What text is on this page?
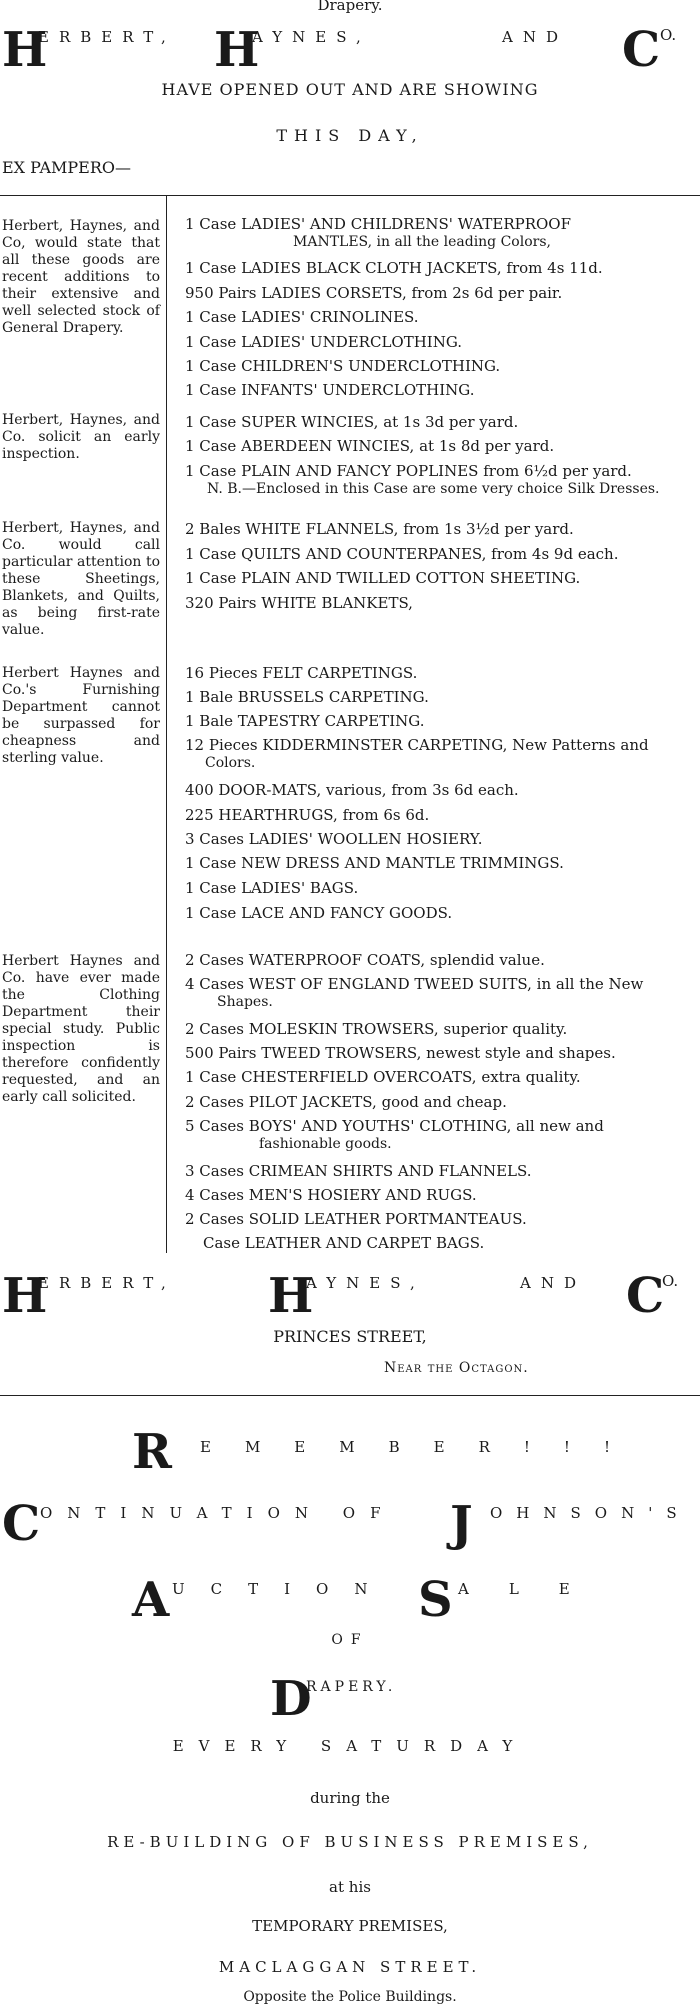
Drapery.
H
ERBERT, H
AYNES,	AND C O.
HAVE OPENED OUT AND ARE SHOWING
THIS DAY,
EX PAMPERO—
Herbert, Haynes, and Co, would state that all these goods are recent additions to their extensive and well selected stock of General Drapery.
1 Case LADIES' AND CHILDRENS' WATERPROOF
MANTLES, in all the leading Colors,
1 Case LADIES BLACK CLOTH JACKETS, from 4s 11d.
950 Pairs LADIES CORSETS, from 2s 6d per pair.
1 Case LADIES' CRINOLINES.
1 Case LADIES' UNDERCLOTHING.
1 Case CHILDREN'S UNDERCLOTHING.
1 Case INFANTS' UNDERCLOTHING.
Herbert, Haynes, and Co. solicit an early inspection.
1 Case SUPER WINCIES, at 1s 3d per yard.
1 Case ABERDEEN WINCIES, at 1s 8d per yard.
1 Case PLAIN AND FANCY POPLINES from 6½d per yard.
N. B.—Enclosed in this Case are some very choice Silk Dresses.
Herbert, Haynes, and Co. would call particular attention to these Sheetings, Blankets, and Quilts, as being first-rate value.
2 Bales WHITE FLANNELS, from 1s 3½d per yard.
1 Case QUILTS AND COUNTERPANES, from 4s 9d each.
1 Case PLAIN AND TWILLED COTTON SHEETING.
320 Pairs WHITE BLANKETS,
Herbert Haynes and Co.'s Furnishing Department cannot be surpassed for cheapness and sterling value.
16 Pieces FELT CARPETINGS.
1 Bale BRUSSELS CARPETING.
1 Bale TAPESTRY CARPETING.
12 Pieces KIDDERMINSTER CARPETING, New Patterns and
Colors.
400 DOOR-MATS, various, from 3s 6d each.
225 HEARTHRUGS, from 6s 6d.
3 Cases LADIES' WOOLLEN HOSIERY.
1 Case NEW DRESS AND MANTLE TRIMMINGS.
1 Case LADIES' BAGS.
1 Case LACE AND FANCY GOODS.
Herbert Haynes and Co. have ever made the Clothing Department their special study. Public inspection is therefore confidently requested, and an early call solicited.
2 Cases WATERPROOF COATS, splendid value.
4 Cases WEST OF ENGLAND TWEED SUITS, in all the New
Shapes.
2 Cases MOLESKIN TROWSERS, superior quality.
500 Pairs TWEED TROWSERS, newest style and shapes.
1 Case CHESTERFIELD OVERCOATS, extra quality.
2 Cases PILOT JACKETS, good and cheap.
5 Cases BOYS' AND YOUTHS' CLOTHING, all new and
fashionable goods.
3 Cases CRIMEAN SHIRTS AND FLANNELS.
4 Cases MEN'S HOSIERY AND RUGS.
2 Cases SOLID LEATHER PORTMANTEAUS.
Case LEATHER AND CARPET BAGS.
H
ERBERT, H
AYNES,	AND C
O.
PRINCES STREET,
Near the Octagon.
R EMEMBER!!!
C ONTINUATION OF J OHNSON'S
A UCTION S ALE
OF
D
RAPERY.
EVERY SATURDAY
during the
RE-BUILDING OF BUSINESS PREMISES,
at his
TEMPORARY PREMISES,
MACLAGGAN STREET.
Opposite the Police Buildings.
